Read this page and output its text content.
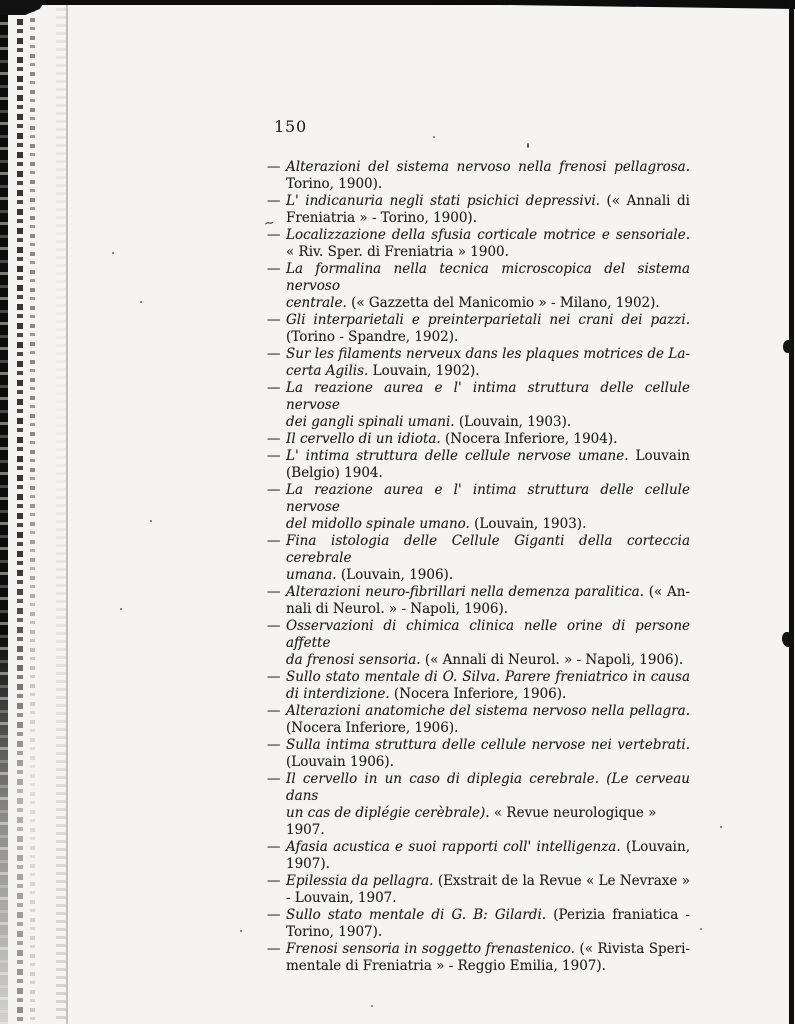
150
~
— Alterazioni del sistema nervoso nella frenosi pellagrosa.
Torino, 1900).
— L' indicanuria negli stati psichici depressivi. (« Annali di
Freniatria » - Torino, 1900).
— Localizzazione della sfusia corticale motrice e sensoriale.
« Riv. Sper. di Freniatria » 1900.
— La formalina nella tecnica microscopica del sistema nervoso
centrale. (« Gazzetta del Manicomio » - Milano, 1902).
— Gli interparietali e preinterparietali nei crani dei pazzi.
(Torino - Spandre, 1902).
— Sur les filaments nerveux dans les plaques motrices de La-
certa Agilis. Louvain, 1902).
— La reazione aurea e l' intima struttura delle cellule nervose
dei gangli spinali umani. (Louvain, 1903).
— Il cervello di un idiota. (Nocera Inferiore, 1904).
— L' intima struttura delle cellule nervose umane. Louvain
(Belgio) 1904.
— La reazione aurea e l' intima struttura delle cellule nervose
del midollo spinale umano. (Louvain, 1903).
— Fina istologia delle Cellule Giganti della corteccia cerebrale
umana. (Louvain, 1906).
— Alterazioni neuro-fibrillari nella demenza paralitica. (« An-
nali di Neurol. » - Napoli, 1906).
— Osservazioni di chimica clinica nelle orine di persone affette
da frenosi sensoria. (« Annali di Neurol. » - Napoli, 1906).
— Sullo stato mentale di O. Silva. Parere freniatrico in causa
di interdizione. (Nocera Inferiore, 1906).
— Alterazioni anatomiche del sistema nervoso nella pellagra.
(Nocera Inferiore, 1906).
— Sulla intima struttura delle cellule nervose nei vertebrati.
(Louvain 1906).
— Il cervello in un caso di diplegia cerebrale. (Le cerveau dans
un cas de diplégie cerèbrale). « Revue neurologique » 1907.
— Afasia acustica e suoi rapporti coll' intelligenza. (Louvain,
1907).
— Epilessia da pellagra. (Exstrait de la Revue « Le Nevraxe »
- Louvain, 1907.
— Sullo stato mentale di G. B: Gilardi. (Perizia franiatica -
Torino, 1907).
— Frenosi sensoria in soggetto frenastenico. (« Rivista Speri-
mentale di Freniatria » - Reggio Emilia, 1907).
